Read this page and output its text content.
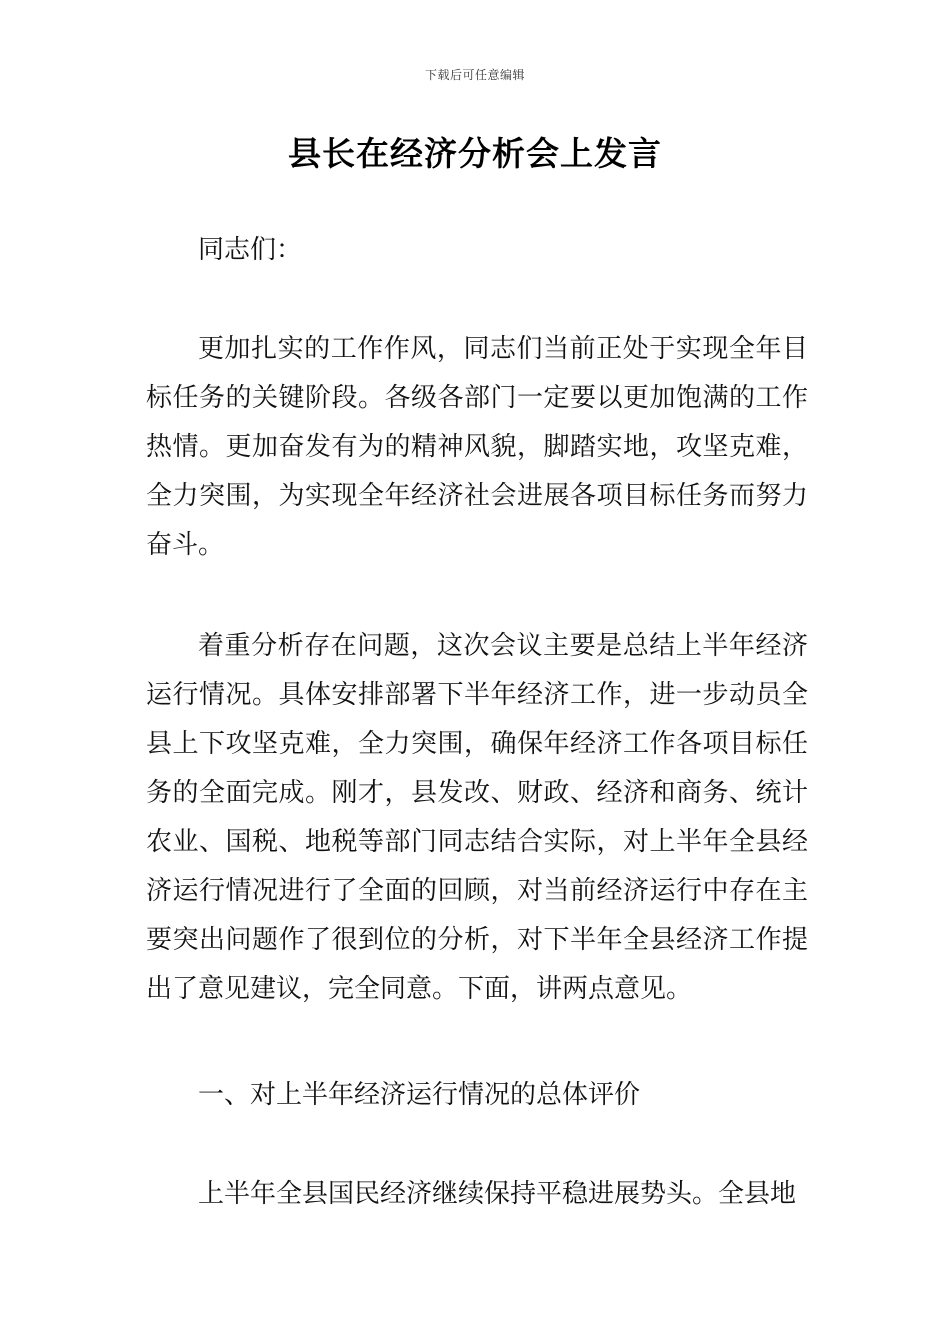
下载后可任意编辑
县长在经济分析会上发言

同志们：

更加扎实的工作作风，同志们当前正处于实现全年目标任务的关键阶段。各级各部门一定要以更加饱满的工作热情。更加奋发有为的精神风貌，脚踏实地，攻坚克难，全力突围，为实现全年经济社会进展各项目标任务而努力奋斗。

着重分析存在问题，这次会议主要是总结上半年经济运行情况。具体安排部署下半年经济工作，进一步动员全县上下攻坚克难，全力突围，确保年经济工作各项目标任务的全面完成。刚才，县发改、财政、经济和商务、统计农业、国税、地税等部门同志结合实际，对上半年全县经济运行情况进行了全面的回顾，对当前经济运行中存在主要突出问题作了很到位的分析，对下半年全县经济工作提出了意见建议，完全同意。下面，讲两点意见。

一、对上半年经济运行情况的总体评价

上半年全县国民经济继续保持平稳进展势头。全县地
